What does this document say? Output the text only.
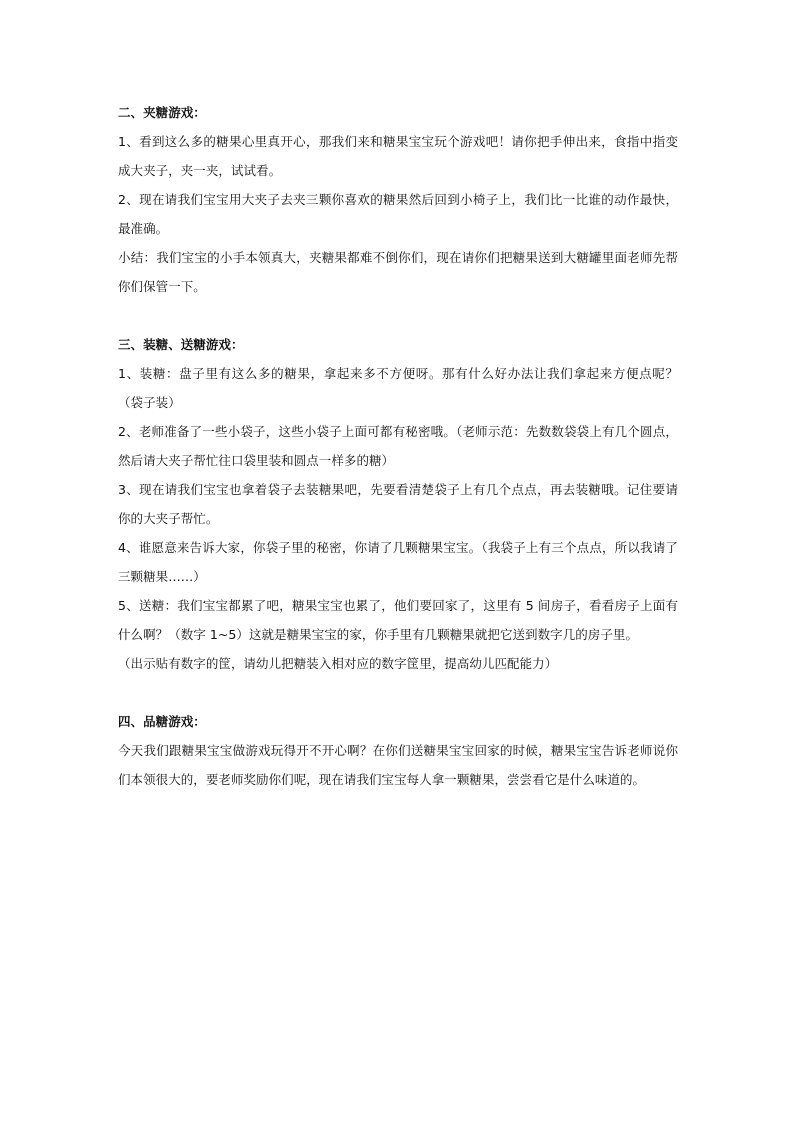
二、夹糖游戏：

1、看到这么多的糖果心里真开心，那我们来和糖果宝宝玩个游戏吧！请你把手伸出来，食指中指变成大夹子，夹一夹，试试看。

2、现在请我们宝宝用大夹子去夹三颗你喜欢的糖果然后回到小椅子上，我们比一比谁的动作最快，最准确。

小结：我们宝宝的小手本领真大，夹糖果都难不倒你们，现在请你们把糖果送到大糖罐里面老师先帮你们保管一下。

三、装糖、送糖游戏：

1、装糖：盘子里有这么多的糖果，拿起来多不方便呀。那有什么好办法让我们拿起来方便点呢？（袋子装）

2、老师准备了一些小袋子，这些小袋子上面可都有秘密哦。（老师示范：先数数袋袋上有几个圆点，然后请大夹子帮忙往口袋里装和圆点一样多的糖）

3、现在请我们宝宝也拿着袋子去装糖果吧，先要看清楚袋子上有几个点点，再去装糖哦。记住要请你的大夹子帮忙。

4、谁愿意来告诉大家，你袋子里的秘密，你请了几颗糖果宝宝。（我袋子上有三个点点，所以我请了三颗糖果……）

5、送糖：我们宝宝都累了吧，糖果宝宝也累了，他们要回家了，这里有 5 间房子，看看房子上面有什么啊？（数字 1~5）这就是糖果宝宝的家，你手里有几颗糖果就把它送到数字几的房子里。

（出示贴有数字的筐，请幼儿把糖装入相对应的数字筐里，提高幼儿匹配能力）

四、品糖游戏：

今天我们跟糖果宝宝做游戏玩得开不开心啊？在你们送糖果宝宝回家的时候，糖果宝宝告诉老师说你们本领很大的，要老师奖励你们呢，现在请我们宝宝每人拿一颗糖果，尝尝看它是什么味道的。
